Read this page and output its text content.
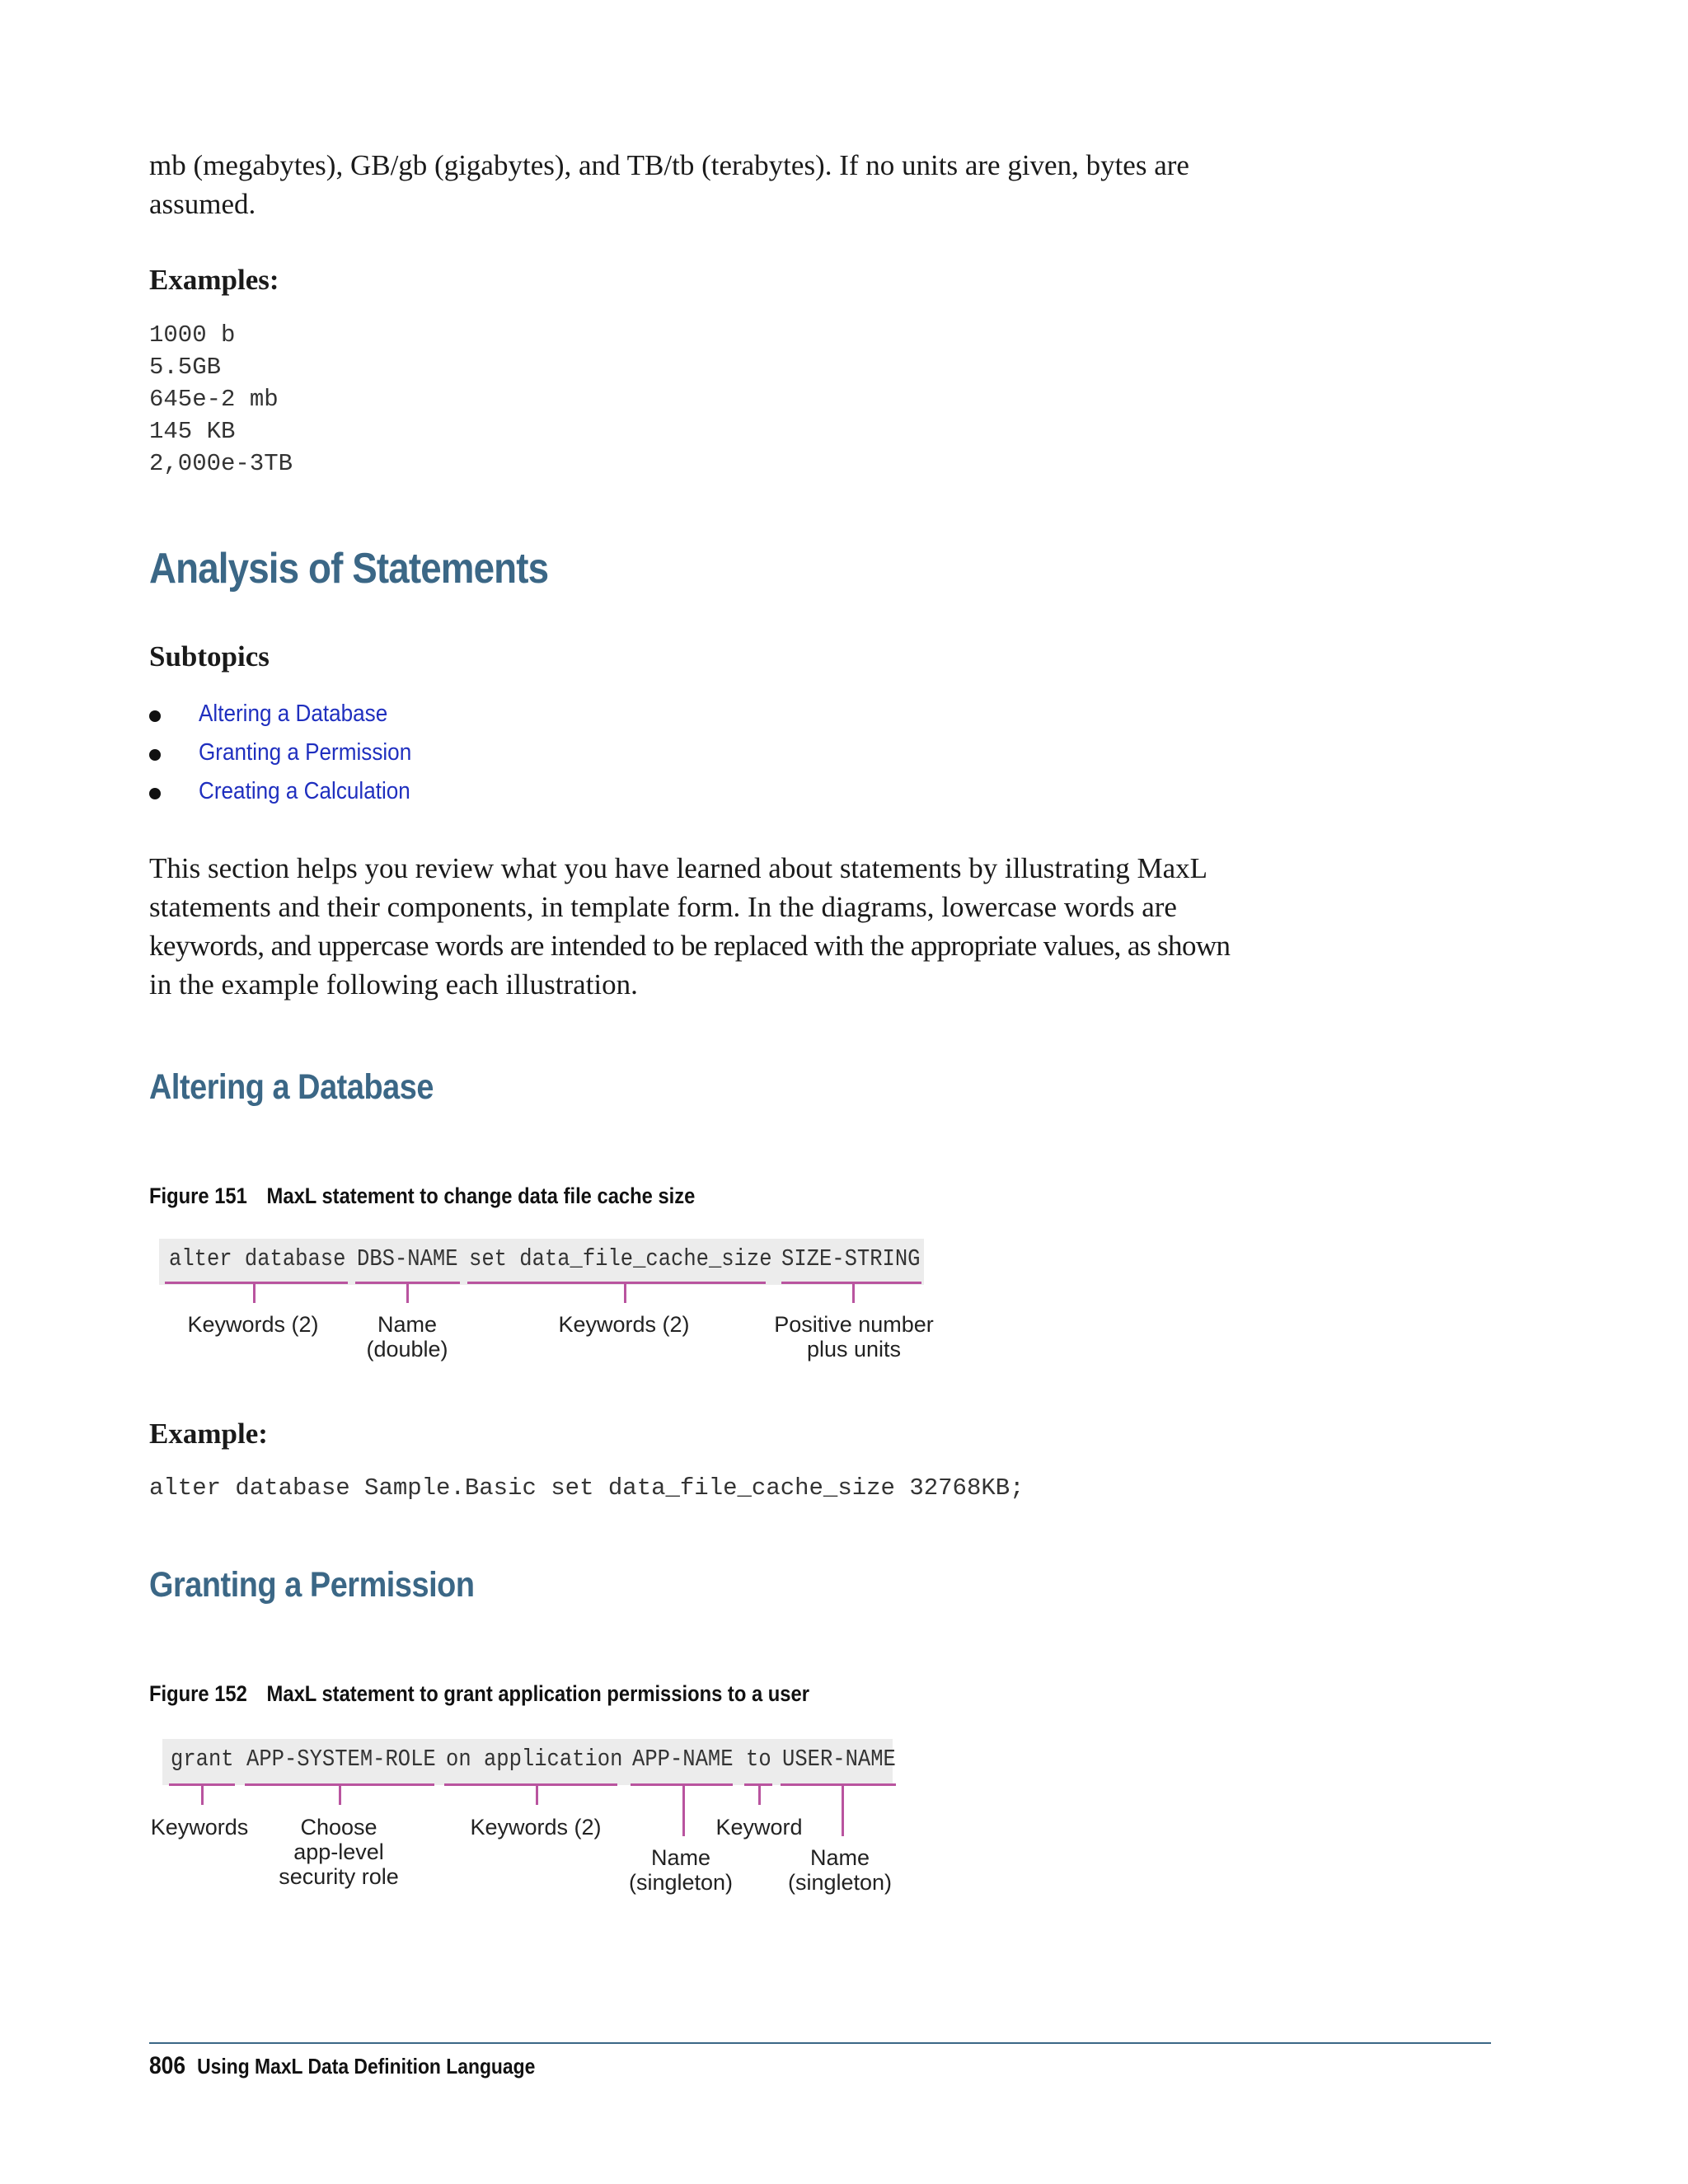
mb (megabytes), GB/gb (gigabytes), and TB/tb (terabytes). If no units are given, bytes are
assumed.
Examples:
1000 b
5.5GB
645e-2 mb
145 KB
2,000e-3TB
Analysis of Statements
Subtopics
Altering a Database
Granting a Permission
Creating a Calculation
This section helps you review what you have learned about statements by illustrating MaxL
statements and their components, in template form. In the diagrams, lowercase words are
keywords, and uppercase words are intended to be replaced with the appropriate values, as shown
in the example following each illustration.
Altering a Database
Figure 151 MaxL statement to change data file cache size
alter database DBS-NAME set data_file_cache_size SIZE-STRING
Keywords (2)	Name
(double)
Keywords (2)	Positive number
plus units
Example:
alter database Sample.Basic set data_file_cache_size 32768KB;
Granting a Permission
Figure 152 MaxL statement to grant application permissions to a user
grant APP-SYSTEM-ROLE on application APP-NAME to USER-NAME
Keywords	Choose
app-level
security role
Keywords (2)
Name
(singleton)
Keyword
Name
(singleton)
806 Using MaxL Data Definition Language
